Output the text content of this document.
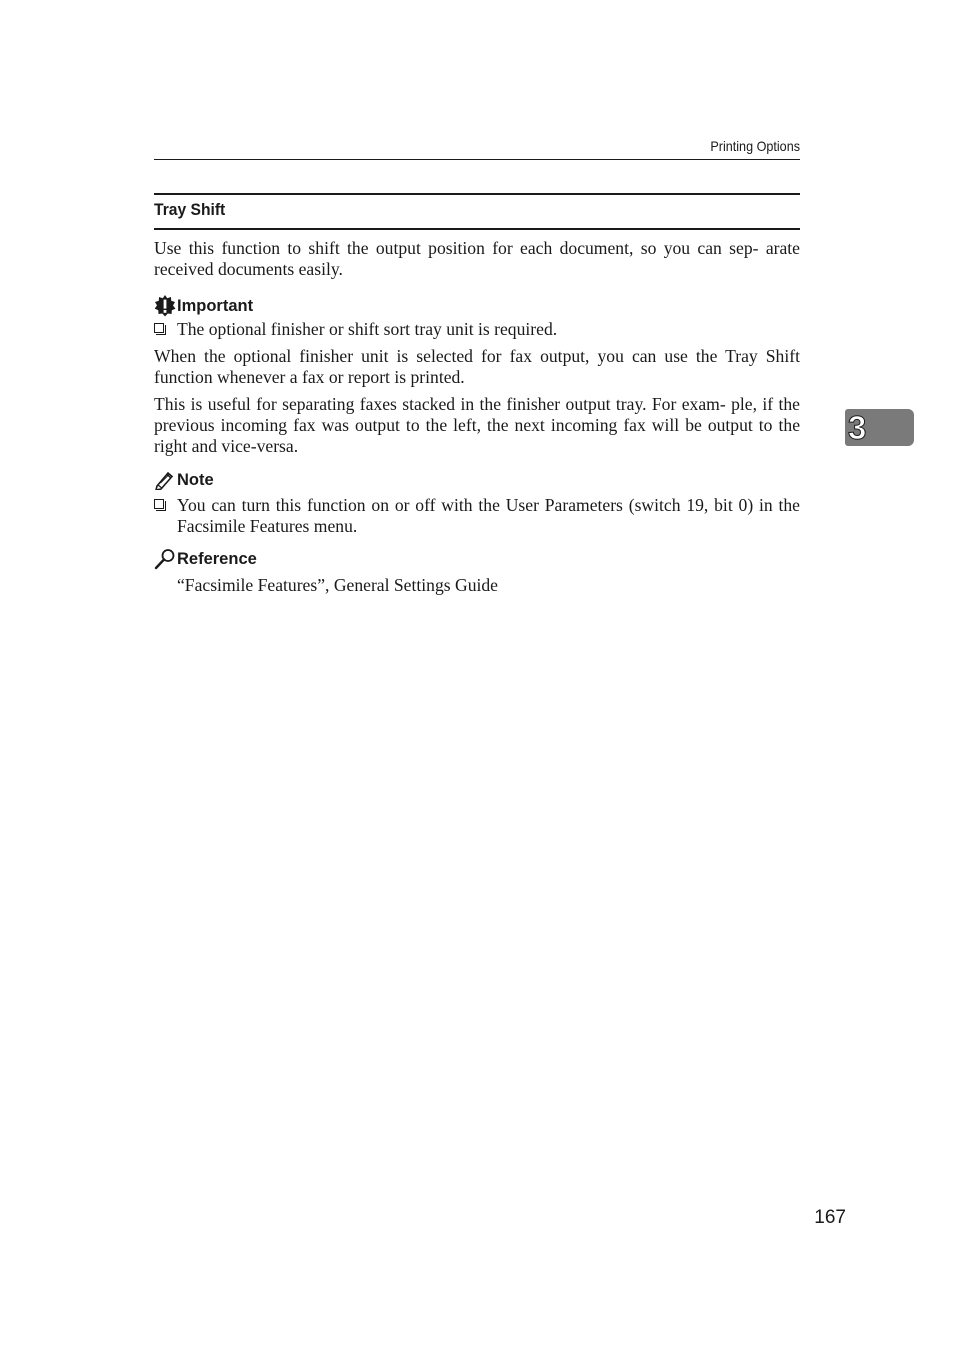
Printing Options
Tray Shift
Use this function to shift the output position for each document, so you can sep- arate received documents easily.
Important
The optional finisher or shift sort tray unit is required.
When the optional finisher unit is selected for fax output, you can use the Tray Shift function whenever a fax or report is printed.
This is useful for separating faxes stacked in the finisher output tray. For exam- ple, if the previous incoming fax was output to the left, the next incoming fax will be output to the right and vice-versa.
Note
You can turn this function on or off with the User Parameters (switch 19, bit 0) in the Facsimile Features menu.
Reference
“Facsimile Features”, General Settings Guide
3
167
